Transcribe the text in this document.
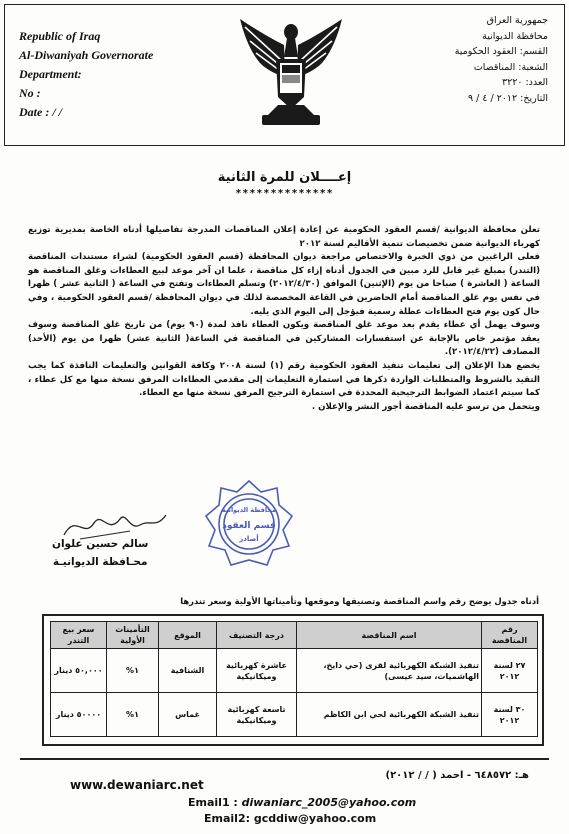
Republic of Iraq
Al-Diwaniyah Governorate
Department:
No :
Date : / /
جمهورية العراق
محافظة الديوانية
القسم: العقود الحكومية
الشعبة: المناقصات
العدد: ٣٢٢٠
التاريخ: ٢٠١٢ / ٤ / ٩
إعــــلان للمرة الثانية
**************

تعلن محافظة الديوانية /قسم العقود الحكومية عن إعادة إعلان المناقصات المدرجة تفاصيلها أدناه الخاصة بمديرية توزيع كهرباء الديوانية ضمن تخصيصات تنمية الأقاليم لسنة ٢٠١٢

فعلى الراغبين من ذوي الخبرة والاختصاص مراجعة ديوان المحافظة (قسم العقود الحكومية) لشراء مستندات المناقصة (التندر) بمبلغ غير قابل للرد مبين في الجدول أدناه إزاء كل مناقصة ، علما ان آخر موعد لبيع العطاءات وغلق المناقصة هو الساعة ( العاشرة ) صباحا من يوم (الإثنين) الموافق (٢٠١٢/٤/٣٠) وتسلم العطاءات وتفتح في الساعة ( الثانية عشر ) ظهرا في نفس يوم غلق المناقصة أمام الحاضرين في القاعة المخصصة لذلك في ديوان المحافظة /قسم العقود الحكومية ، وفي حال كون يوم فتح العطاءات عطلة رسمية فيؤجل إلى اليوم الذي يليه.

وسوف يهمل أي عطاء يقدم بعد موعد غلق المناقصة ويكون العطاء نافذ لمدة (٩٠ يوم) من تاريخ غلق المناقصة وسوف يعقد مؤتمر خاص بالإجابة عن استفسارات المشاركين في المناقصة في الساعة( الثانية عشر) ظهرا من يوم (الأحد) المصادف (٢٠١٢/٤/٢٢).

يخضع هذا الإعلان إلى تعليمات تنفيذ العقود الحكومية رقم (١) لسنة ٢٠٠٨ وكافة القوانين والتعليمات النافذة كما يجب التقيد بالشروط والمتطلبات الواردة ذكرها في استمارة التعليمات إلى مقدمي العطاءات المرفق نسخة منها مع كل عطاء ، كما سيتم اعتماد الضوابط الترجيحية المحددة في استمارة الترجيح المرفق نسخة منها مع العطاء.

ويتحمل من ترسو عليه المناقصة أجور النشر والإعلان .

محافظة الديوانية
قسم العقود
أصادر
سالم حسين علوان
محـافظة الديوانيـة
أدناه جدول يوضح رقم واسم المناقصة وتصنيفها وموقعها وتأميناتها الأولية وسعر تندرها
رقم المناقصة	اسم المناقصة	درجة التصنيف	الموقع	التأمينات الأولية	سعر بيع التندر
٢٧ لسنة ٢٠١٢	تنفيذ الشبكة الكهربائية لقرى (حي دايخ، الهاشميات، سيد عيسى)	عاشرة كهربائية وميكانيكية	الشنافية	١%	٥٠,٠٠٠ دينار
٣٠ لسنة ٢٠١٢	تنفيذ الشبكة الكهربائية لحي ابن الكاظم	تاسعة كهربائية وميكانيكية	غماس	١%	٥٠٠٠٠ دينار
هـ: ٦٤٨٥٧٢ - احمد ( / / ٢٠١٢)
www.dewaniarc.net
Email1 : diwaniarc_2005@yahoo.com
Email2: gcddiw@yahoo.com
